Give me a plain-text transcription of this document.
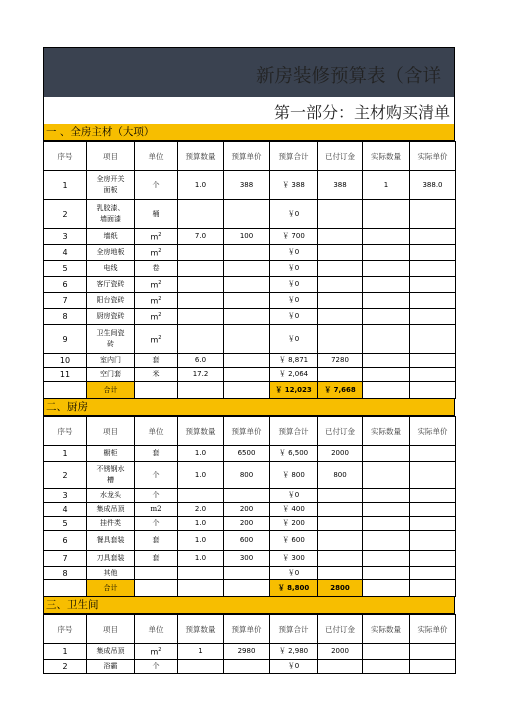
新房装修预算表（含详
第一部分：主材购买清单
一 、全房主材（大项）
序号	项目	单位	预算数量	预算单价	预算合计	已付订金	实际数量	实际单价
1	全房开关面板	个	1.0	388	￥ 388	388	1	388.0
2	乳胶漆、墙面漆	桶			￥0			
3	墙纸	$m^2$	7.0	100	￥ 700			
4	全房地板	$m^2$			￥0			
5	电线	卷			￥0			
6	客厅瓷砖	$m^2$			￥0			
7	阳台瓷砖	$m^2$			￥0			
8	厨房瓷砖	$m^2$			￥0			
9	卫生间瓷砖	$m^2$			￥0			
10	室内门	套	6.0		￥ 8,871	7280		
11	空门套	米	17.2		￥ 2,064			
	合计				￥ 12,023	￥ 7,668		
二、厨房
序号	项目	单位	预算数量	预算单价	预算合计	已付订金	实际数量	实际单价
1	橱柜	套	1.0	6500	￥ 6,500	2000		
2	不锈钢水槽	个	1.0	800	￥ 800	800		
3	水龙头	个			￥0			
4	集成吊顶	m2	2.0	200	￥ 400			
5	挂件类	个	1.0	200	￥ 200			
6	餐具套装	套	1.0	600	￥ 600			
7	刀具套装	套	1.0	300	￥ 300			
8	其他				￥0			
	合计				￥ 8,800	2800		
三、卫生间
序号	项目	单位	预算数量	预算单价	预算合计	已付订金	实际数量	实际单价
1	集成吊顶	$m^2$	1	2980	￥ 2,980	2000		
2	浴霸	个			￥0			
